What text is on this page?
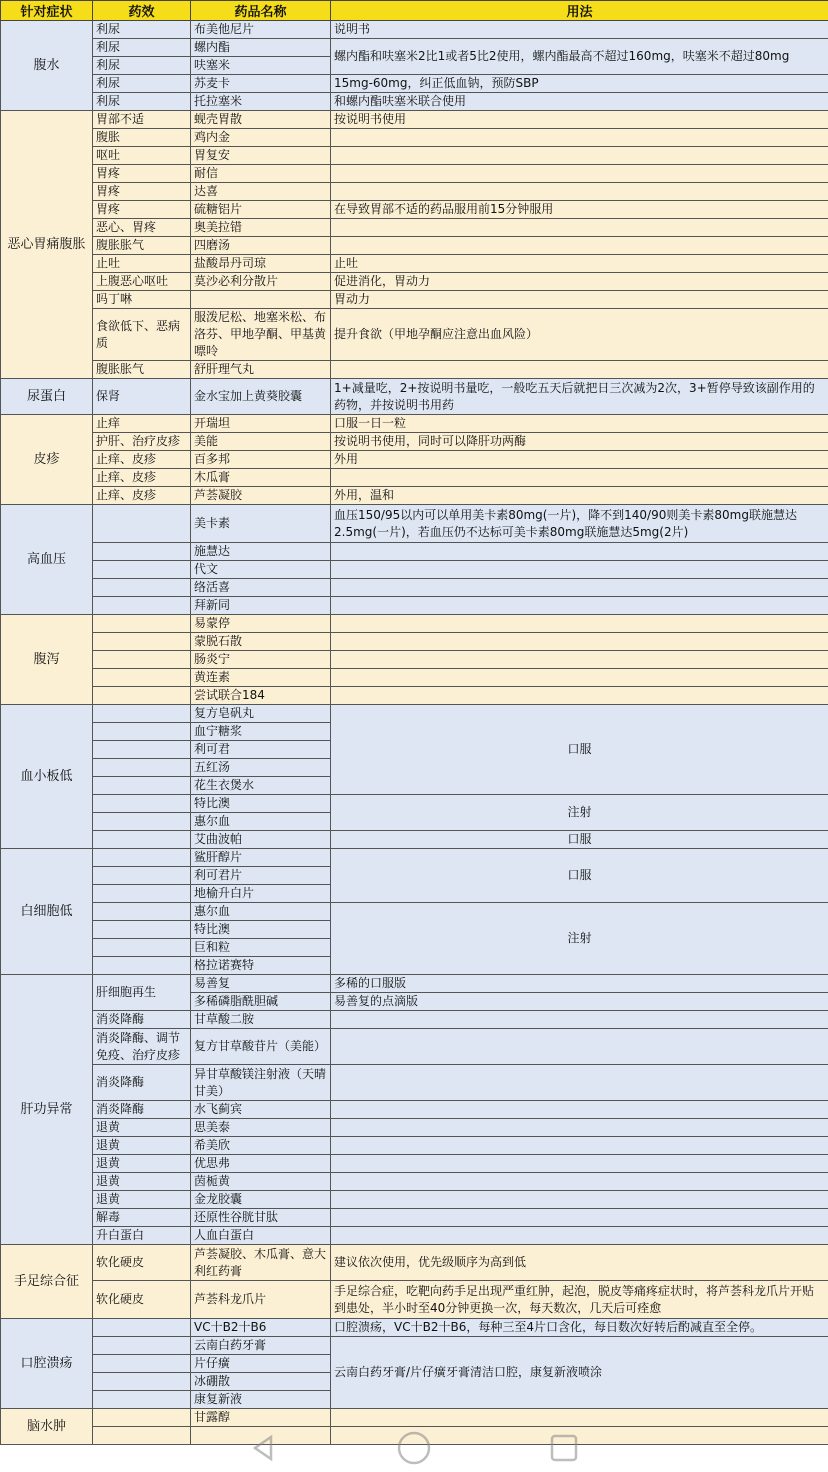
针对症状	药效	药品名称	用法
腹水	利尿	布美他尼片	说明书
	利尿	螺内酯	螺内酯和呋塞米2比1或者5比2使用，螺内酯最高不超过160mg，呋塞米不超过80mg
	利尿	呋塞米	
	利尿	苏麦卡	15mg-60mg，纠正低血钠，预防SBP
	利尿	托拉塞米	和螺内酯呋塞米联合使用
恶心胃痛腹胀	胃部不适	蚬壳胃散	按说明书使用
	腹胀	鸡内金	
	呕吐	胃复安	
	胃疼	耐信	
	胃疼	达喜	
	胃疼	硫糖铝片	在导致胃部不适的药品服用前15分钟服用
	恶心、胃疼	奥美拉错	
	腹胀胀气	四磨汤	
	止吐	盐酸昂丹司琼	止吐
	上腹恶心呕吐	莫沙必利分散片	促进消化，胃动力
	吗丁啉		胃动力
	食欲低下、恶病质	服泼尼松、地塞米松、布洛芬、甲地孕酮、甲基黄嘌呤	提升食欲（甲地孕酮应注意出血风险）
	腹胀胀气	舒肝理气丸	
尿蛋白	保肾	金水宝加上黄葵胶囊	1+减量吃，2+按说明书量吃，一般吃五天后就把日三次减为2次，3+暂停导致该副作用的药物，并按说明书用药
皮疹	止痒	开瑞坦	口服一日一粒
	护肝、治疗皮疹	美能	按说明书使用，同时可以降肝功两酶
	止痒、皮疹	百多邦	外用
	止痒、皮疹	木瓜膏	
	止痒、皮疹	芦荟凝胶	外用，温和
高血压		美卡素	血压150/95以内可以单用美卡素80mg(一片)，降不到140/90则美卡素80mg联施慧达2.5mg(一片)，若血压仍不达标可美卡素80mg联施慧达5mg(2片)
		施慧达	
		代文	
		络活喜	
		拜新同	
腹泻		易蒙停	
		蒙脱石散	
		肠炎宁	
		黄连素	
		尝试联合184	
血小板低		复方皂矾丸	口服
		血宁糖浆	
		利可君	
		五红汤	
		花生衣煲水	
		特比澳	注射
		惠尔血	
		艾曲波帕	口服
白细胞低		鲨肝醇片	口服
		利可君片	
		地榆升白片	
		惠尔血	注射
		特比澳	
		巨和粒	
		格拉诺赛特	
肝功异常	肝细胞再生	易善复	多稀的口服版
		多稀磷脂酰胆碱	易善复的点滴版
	消炎降酶	甘草酸二胺	
	消炎降酶、调节免疫、治疗皮疹	复方甘草酸苷片（美能）	
	消炎降酶	异甘草酸镁注射液（天晴甘美）	
	消炎降酶	水飞蓟宾	
	退黄	思美泰	
	退黄	希美欣	
	退黄	优思弗	
	退黄	茵栀黄	
	退黄	金龙胶囊	
	解毒	还原性谷胱甘肽	
	升白蛋白	人血白蛋白	
手足综合征	软化硬皮	芦荟凝胶、木瓜膏、意大利红药膏	建议依次使用，优先级顺序为高到低
	软化硬皮	芦荟科龙爪片	手足综合症，吃靶向药手足出现严重红肿，起泡，脱皮等痛疼症状时，将芦荟科龙爪片开贴到患处，半小时至40分钟更换一次，每天数次，几天后可痊愈
口腔溃疡		VC十B2十B6	口腔溃疡，VC十B2十B6，每种三至4片口含化，每日数次好转后酌减直至全停。
		云南白药牙膏	云南白药牙膏/片仔癀牙膏清洁口腔，康复新液喷涂
		片仔癀	
		冰硼散	
		康复新液	
脑水肿		甘露醇	
